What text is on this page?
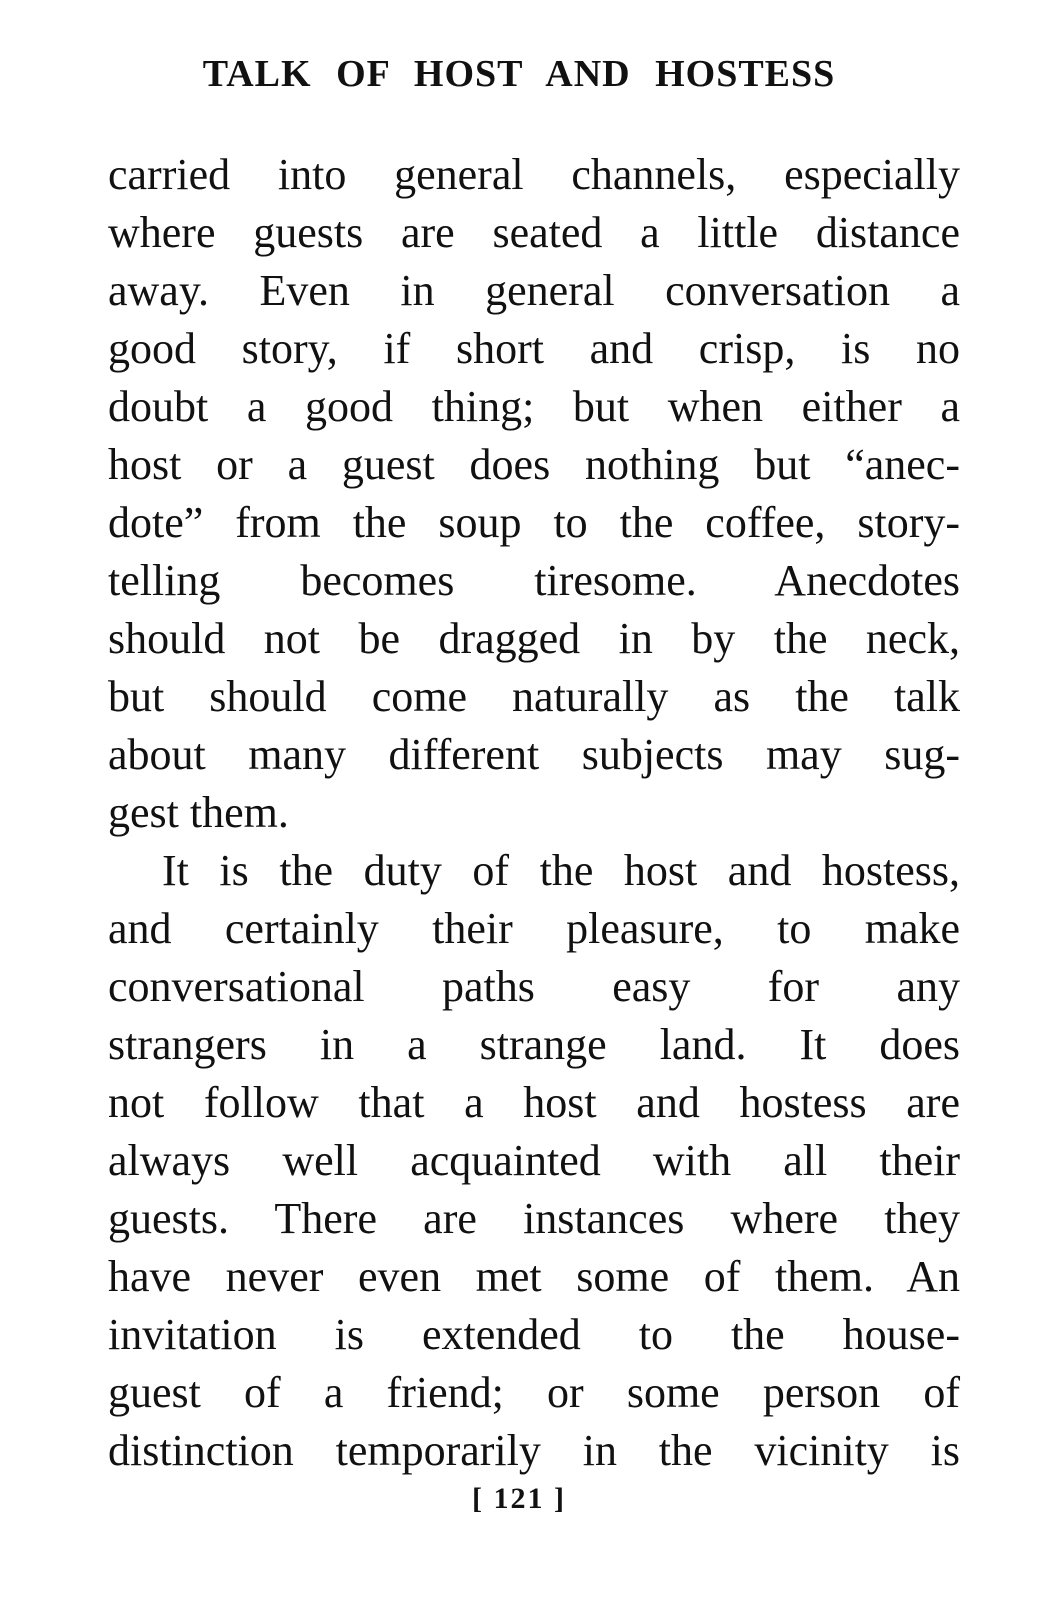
TALK OF HOST AND HOSTESS
carried into general channels, especially
where guests are seated a little distance
away. Even in general conversation a
good story, if short and crisp, is no
doubt a good thing; but when either a
host or a guest does nothing but “anec-
dote” from the soup to the coffee, story-
telling becomes tiresome. Anecdotes
should not be dragged in by the neck,
but should come naturally as the talk
about many different subjects may sug-
gest them.
It is the duty of the host and hostess,
and certainly their pleasure, to make
conversational paths easy for any
strangers in a strange land. It does
not follow that a host and hostess are
always well acquainted with all their
guests. There are instances where they
have never even met some of them. An
invitation is extended to the house-
guest of a friend; or some person of
distinction temporarily in the vicinity is
[ 121 ]
